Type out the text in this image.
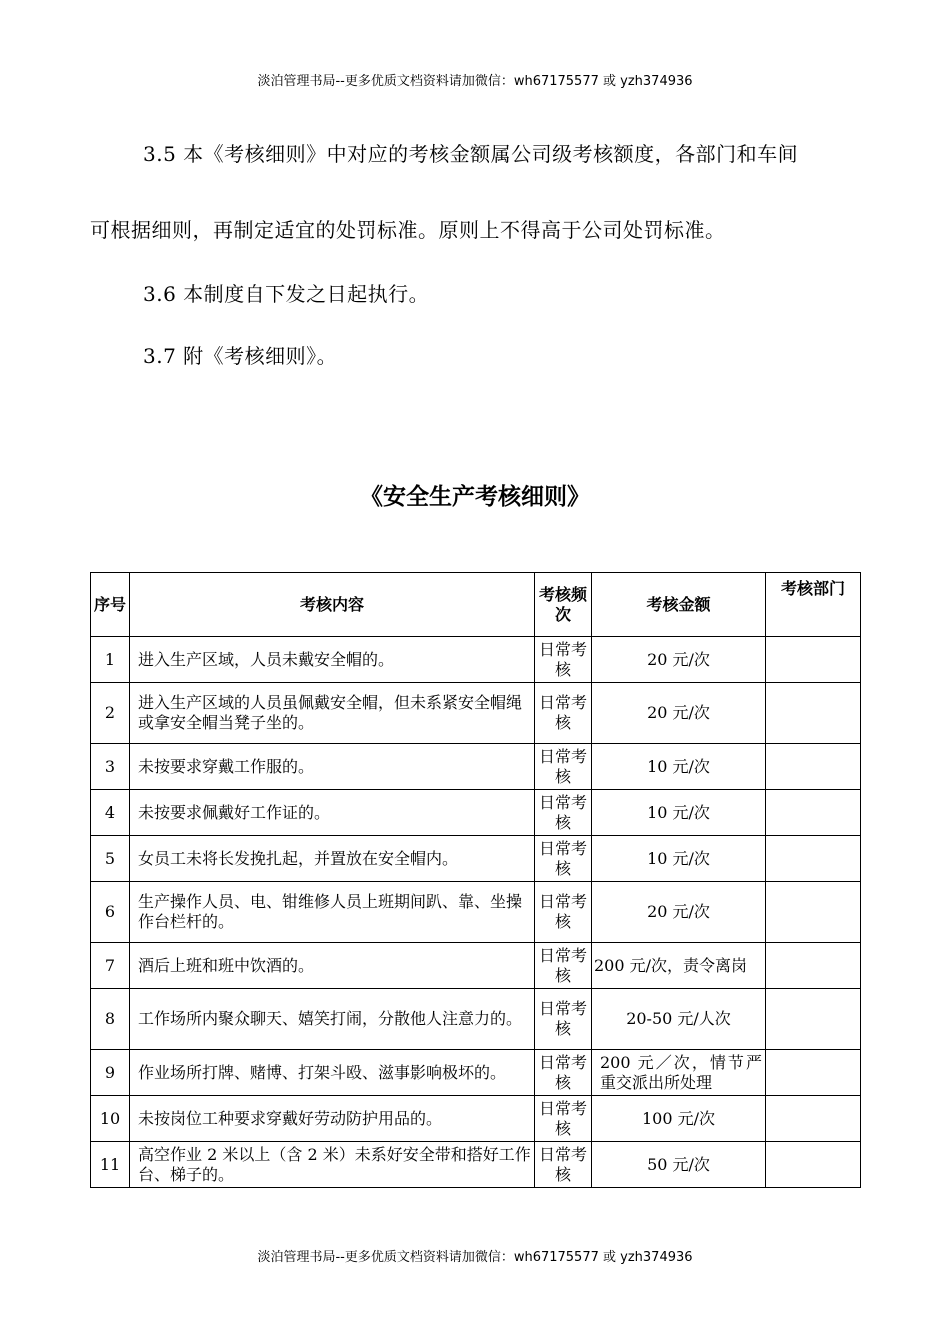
淡泊管理书局--更多优质文档资料请加微信：wh67175577 或 yzh374936
3.5 本《考核细则》中对应的考核金额属公司级考核额度，各部门和车间
可根据细则，再制定适宜的处罚标准。原则上不得高于公司处罚标准。
3.6 本制度自下发之日起执行。
3.7 附《考核细则》。
《安全生产考核细则》
序号	考核内容	考核频次	考核金额	考核部门
1	进入生产区域，人员未戴安全帽的。	日常考核	20 元/次	
2	进入生产区域的人员虽佩戴安全帽，但未系紧安全帽绳或拿安全帽当凳子坐的。	日常考核	20 元/次	
3	未按要求穿戴工作服的。	日常考核	10 元/次	
4	未按要求佩戴好工作证的。	日常考核	10 元/次	
5	女员工未将长发挽扎起，并置放在安全帽内。	日常考核	10 元/次	
6	生产操作人员、电、钳维修人员上班期间趴、靠、坐操作台栏杆的。	日常考核	20 元/次	
7	酒后上班和班中饮酒的。	日常考核	200 元/次，责令离岗	
8	工作场所内聚众聊天、嬉笑打闹，分散他人注意力的。	日常考核	20-50 元/人次	
9	作业场所打牌、赌博、打架斗殴、滋事影响极坏的。	日常考核	200 元／次，情节严重交派出所处理	
10	未按岗位工种要求穿戴好劳动防护用品的。	日常考核	100 元/次	
11	高空作业 2 米以上（含 2 米）未系好安全带和搭好工作台、梯子的。	日常考核	50 元/次	
淡泊管理书局--更多优质文档资料请加微信：wh67175577 或 yzh374936
